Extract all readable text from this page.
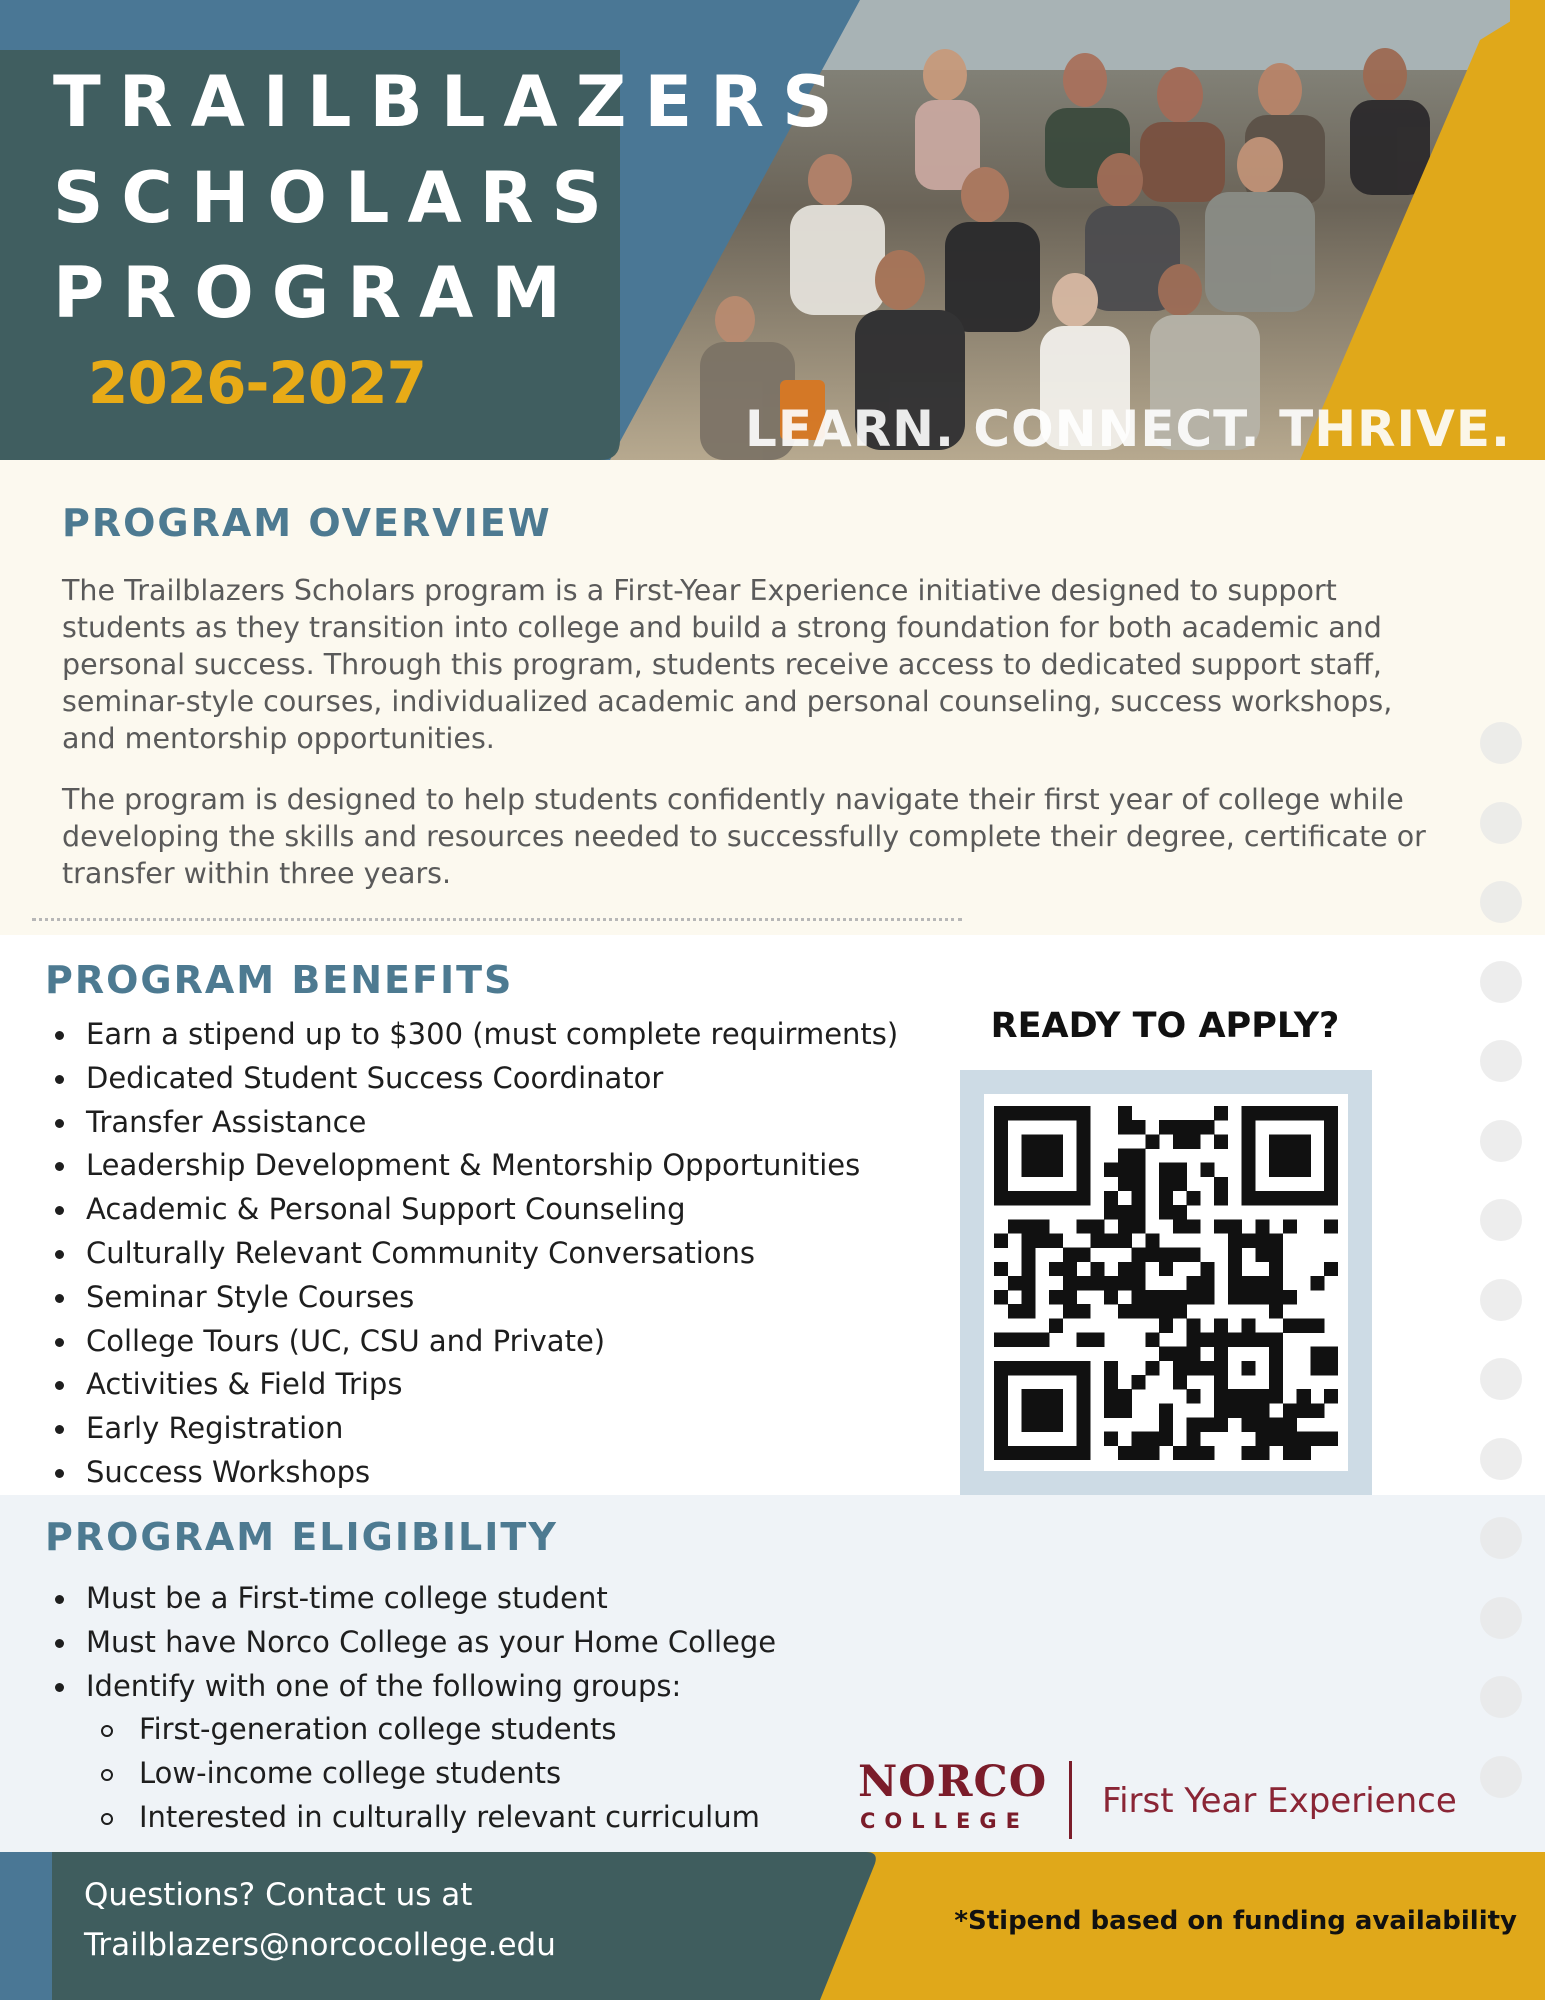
TRAILBLAZERS
SCHOLARS
PROGRAM
2026-2027
LEARN. CONNECT. THRIVE.
PROGRAM OVERVIEW

The Trailblazers Scholars program is a First-Year Experience initiative designed to support students as they transition into college and build a strong foundation for both academic and personal success. Through this program, students receive access to dedicated support staff, seminar-style courses, individualized academic and personal counseling, success workshops, and mentorship opportunities.

The program is designed to help students confidently navigate their first year of college while developing the skills and resources needed to successfully complete their degree, certificate or transfer within three years.

PROGRAM BENEFITS
Earn a stipend up to $300 (must complete requirments)
Dedicated Student Success Coordinator
Transfer Assistance
Leadership Development & Mentorship Opportunities
Academic & Personal Support Counseling
Culturally Relevant Community Conversations
Seminar Style Courses
College Tours (UC, CSU and Private)
Activities & Field Trips
Early Registration
Success Workshops
READY TO APPLY?
PROGRAM ELIGIBILITY
Must be a First-time college student
Must have Norco College as your Home College
Identify with one of the following groups:
First-generation college students
Low-income college students
Interested in culturally relevant curriculum
NORCO
COLLEGE First Year Experience
Questions? Contact us at
Trailblazers@norcocollege.edu
*Stipend based on funding availability
